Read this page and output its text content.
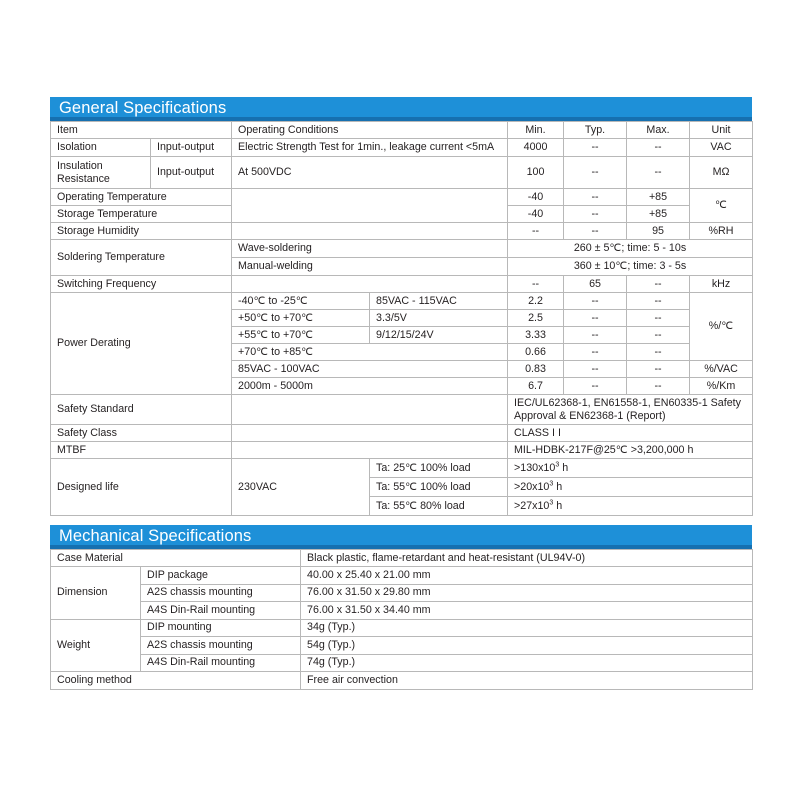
General Specifications
Item		Operating Conditions		Min.	Typ.	Max.	Unit
Isolation	Input-output	Electric Strength Test for 1min., leakage current <5mA		4000	--	--	VAC
Insulation
Resistance	Input-output	At 500VDC		100	--	--	MΩ
Operating Temperature				-40	--	+85	℃
Storage Temperature				-40	--	+85	
Storage Humidity				--	--	95	%RH
Soldering Temperature		Wave-soldering		260 ± 5℃; time: 5 - 10s			
		Manual-welding		360 ± 10℃; time: 3 - 5s			
Switching Frequency				--	65	--	kHz
Power Derating		-40℃ to -25℃	85VAC - 115VAC	2.2	--	--	%/℃
		+50℃ to +70℃	3.3/5V	2.5	--	--	
		+55℃ to +70℃	9/12/15/24V	3.33	--	--	
		+70℃ to +85℃		0.66	--	--	
		85VAC - 100VAC		0.83	--	--	%/VAC
		2000m - 5000m		6.7	--	--	%/Km
Safety Standard				IEC/UL62368-1, EN61558-1, EN60335-1 Safety
Approval & EN62368-1 (Report)			
Safety Class				CLASS I I			
MTBF				MIL-HDBK-217F@25℃ >3,200,000 h			
Designed life		230VAC	Ta: 25℃ 100% load	$>130x10^3$ h			
			Ta: 55℃ 100% load	$>20x10^3$ h			
			Ta: 55℃ 80% load	$>27x10^3$ h			
Mechanical Specifications
Case Material		Black plastic, flame-retardant and heat-resistant (UL94V-0)
Dimension	DIP package	40.00 x 25.40 x 21.00 mm
	A2S chassis mounting	76.00 x 31.50 x 29.80 mm
	A4S Din-Rail mounting	76.00 x 31.50 x 34.40 mm
Weight	DIP mounting	34g (Typ.)
	A2S chassis mounting	54g (Typ.)
	A4S Din-Rail mounting	74g (Typ.)
Cooling method		Free air convection
